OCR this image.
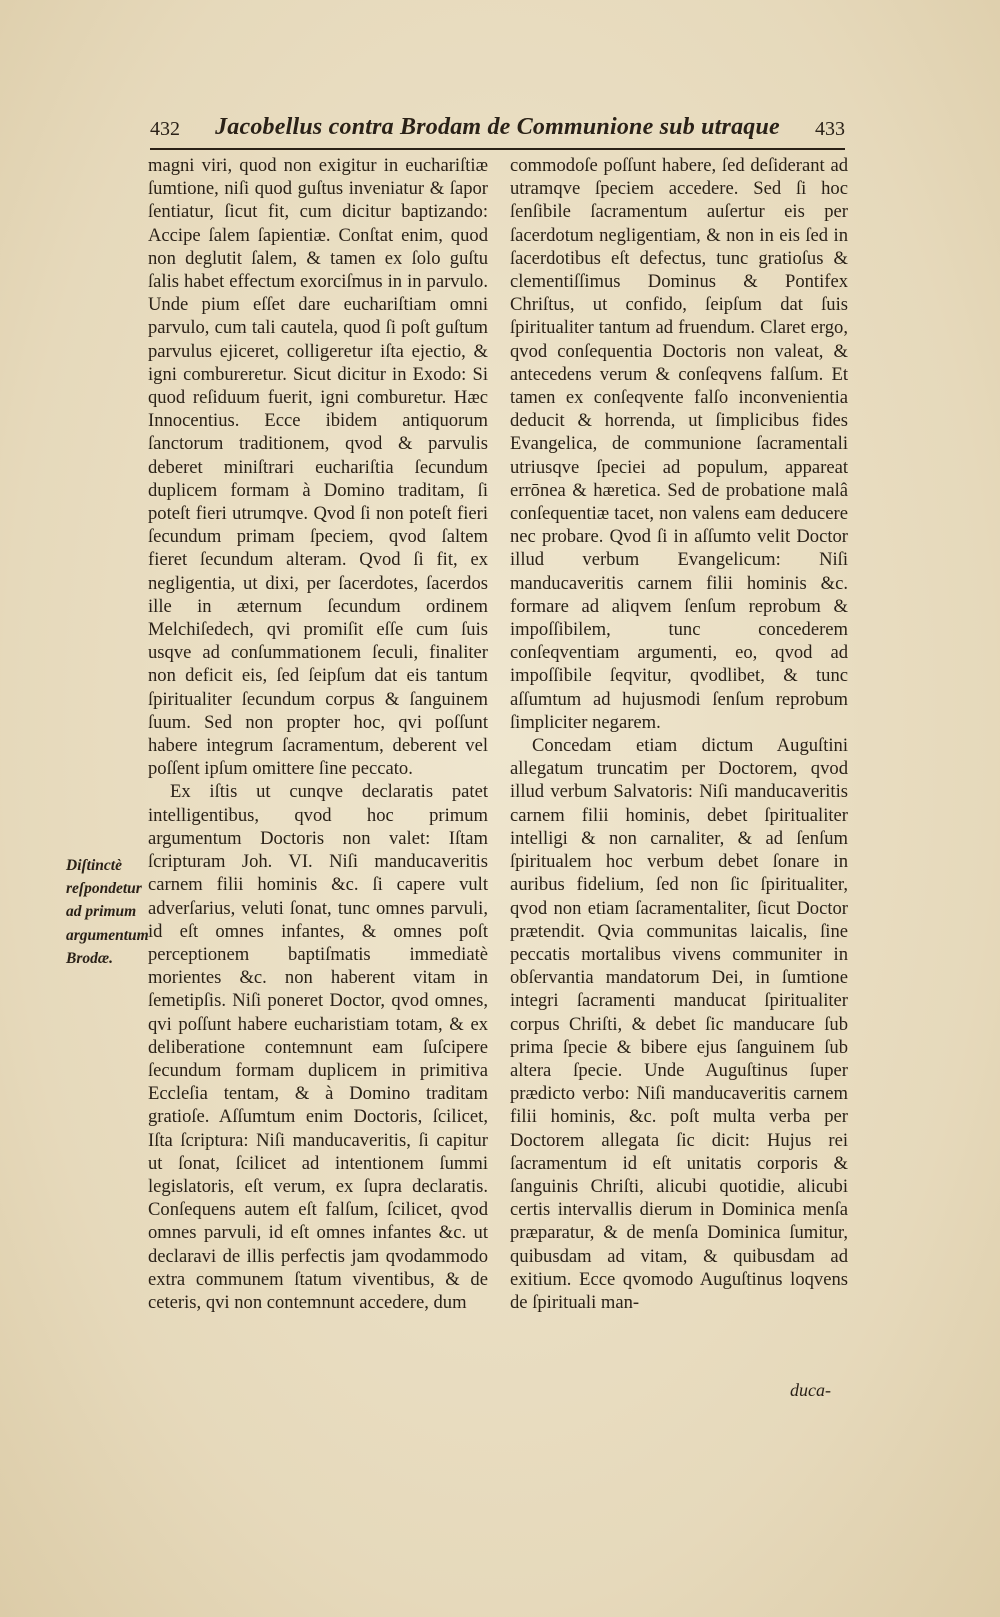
432	Jacobellus contra Brodam de Communione sub utraque	433
Diſtinctè reſpondetur ad primum argumentum Brodæ.

magni viri, quod non exigitur in euchariſtiæ ſumtione, niſi quod guſtus inveniatur & ſapor ſentiatur, ſicut fit, cum dicitur baptizando: Accipe ſalem ſapientiæ. Conſtat enim, quod non deglutit ſalem, & tamen ex ſolo guſtu ſalis habet effectum exorciſmus in in parvulo. Unde pium eſſet dare euchariſtiam omni parvulo, cum tali cautela, quod ſi poſt guſtum parvulus ejiceret, colligeretur iſta ejectio, & igni combureretur. Sicut dicitur in Exodo: Si quod reſiduum fuerit, igni comburetur. Hæc Innocentius. Ecce ibidem antiquorum ſanctorum traditionem, qvod & parvulis deberet miniſtrari euchariſtia ſecundum duplicem formam à Domino traditam, ſi poteſt fieri utrumqve. Qvod ſi non poteſt fieri ſecundum primam ſpeciem, qvod ſaltem fieret ſecundum alteram. Qvod ſi fit, ex negligentia, ut dixi, per ſacerdotes, ſacerdos ille in æternum ſecundum ordinem Melchiſedech, qvi promiſit eſſe cum ſuis usqve ad conſummationem ſeculi, finaliter non deficit eis, ſed ſeipſum dat eis tantum ſpiritualiter ſecundum corpus & ſanguinem ſuum. Sed non propter hoc, qvi poſſunt habere integrum ſacramentum, deberent vel poſſent ipſum omittere ſine peccato.

Ex iſtis ut cunqve declaratis patet intelligentibus, qvod hoc primum argumentum Doctoris non valet: Iſtam ſcripturam Joh. VI. Niſi manducaveritis carnem filii hominis &c. ſi capere vult adverſarius, veluti ſonat, tunc omnes parvuli, id eſt omnes infantes, & omnes poſt perceptionem baptiſmatis immediatè morientes &c. non haberent vitam in ſemetipſis. Niſi poneret Doctor, qvod omnes, qvi poſſunt habere eucharistiam totam, & ex deliberatione contemnunt eam ſuſcipere ſecundum formam duplicem in primitiva Eccleſia tentam, & à Domino traditam gratioſe. Aſſumtum enim Doctoris, ſcilicet, Iſta ſcriptura: Niſi manducaveritis, ſi capitur ut ſonat, ſcilicet ad intentionem ſummi legislatoris, eſt verum, ex ſupra declaratis. Conſequens autem eſt falſum, ſcilicet, qvod omnes parvuli, id eſt omnes infantes &c. ut declaravi de illis perfectis jam qvodammodo extra communem ſtatum viventibus, & de ceteris, qvi non contemnunt accedere, dum

commodoſe poſſunt habere, ſed deſiderant ad utramqve ſpeciem accedere. Sed ſi hoc ſenſibile ſacramentum auſertur eis per ſacerdotum negligentiam, & non in eis ſed in ſacerdotibus eſt defectus, tunc gratioſus & clementiſſimus Dominus & Pontifex Chriſtus, ut confido, ſeipſum dat ſuis ſpiritualiter tantum ad fruendum. Claret ergo, qvod conſequentia Doctoris non valeat, & antecedens verum & conſeqvens falſum. Et tamen ex conſeqvente falſo inconvenientia deducit & horrenda, ut ſimplicibus fides Evangelica, de communione ſacramentali utriusqve ſpeciei ad populum, appareat errōnea & hæretica. Sed de probatione malâ conſequentiæ tacet, non valens eam deducere nec probare. Qvod ſi in aſſumto velit Doctor illud verbum Evangelicum: Niſi manducaveritis carnem filii hominis &c. formare ad aliqvem ſenſum reprobum & impoſſibilem, tunc concederem conſeqventiam argumenti, eo, qvod ad impoſſibile ſeqvitur, qvodlibet, & tunc aſſumtum ad hujusmodi ſenſum reprobum ſimpliciter negarem.

Concedam etiam dictum Auguſtini allegatum truncatim per Doctorem, qvod illud verbum Salvatoris: Niſi manducaveritis carnem filii hominis, debet ſpiritualiter intelligi & non carnaliter, & ad ſenſum ſpiritualem hoc verbum debet ſonare in auribus fidelium, ſed non ſic ſpiritualiter, qvod non etiam ſacramentaliter, ſicut Doctor prætendit. Qvia communitas laicalis, ſine peccatis mortalibus vivens communiter in obſervantia mandatorum Dei, in ſumtione integri ſacramenti manducat ſpiritualiter corpus Chriſti, & debet ſic manducare ſub prima ſpecie & bibere ejus ſanguinem ſub altera ſpecie. Unde Auguſtinus ſuper prædicto verbo: Niſi manducaveritis carnem filii hominis, &c. poſt multa verba per Doctorem allegata ſic dicit: Hujus rei ſacramentum id eſt unitatis corporis & ſanguinis Chriſti, alicubi quotidie, alicubi certis intervallis dierum in Dominica menſa præparatur, & de menſa Dominica ſumitur, quibusdam ad vitam, & quibusdam ad exitium. Ecce qvomodo Auguſtinus loqvens de ſpirituali man-

duca-
